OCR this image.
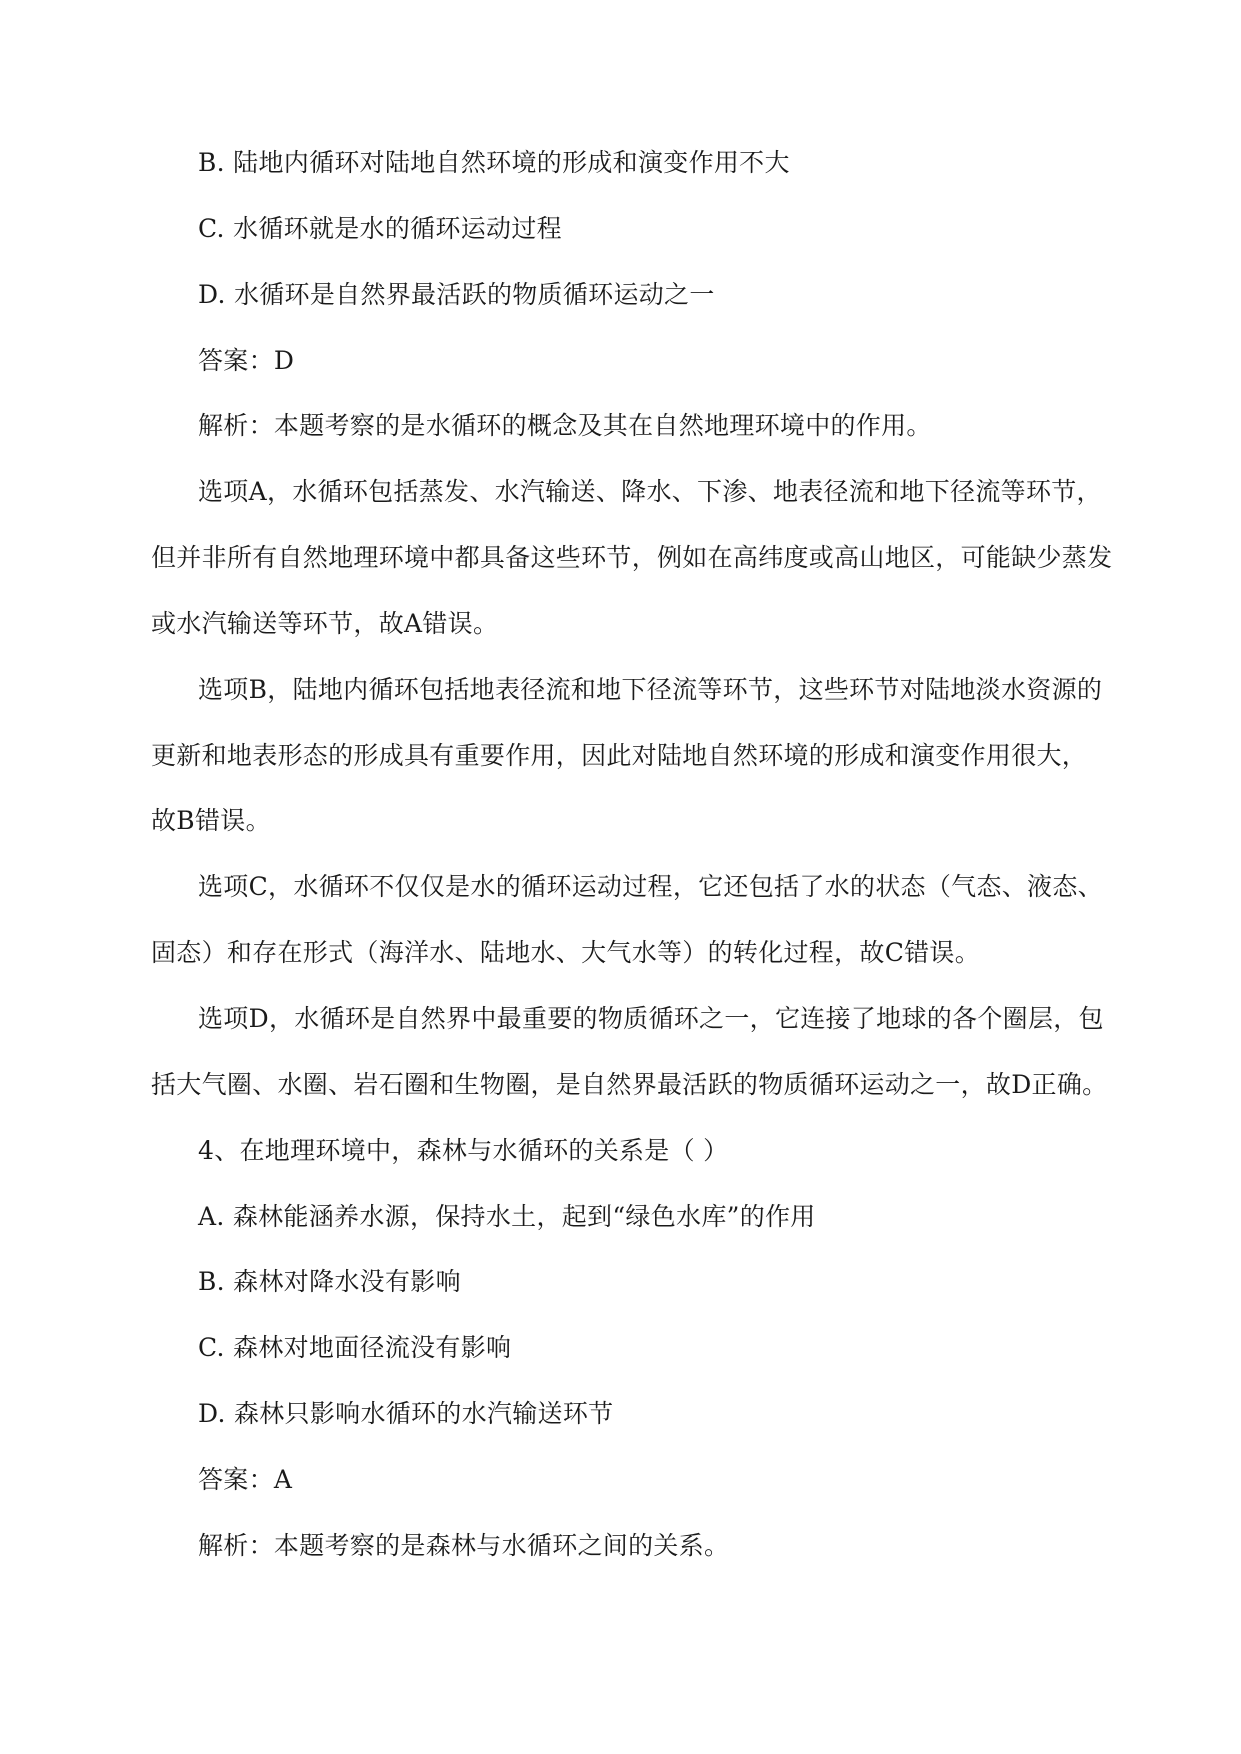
B. 陆地内循环对陆地自然环境的形成和演变作用不大
C. 水循环就是水的循环运动过程
D. 水循环是自然界最活跃的物质循环运动之一
答案：D
解析：本题考察的是水循环的概念及其在自然地理环境中的作用。
选项A，水循环包括蒸发、水汽输送、降水、下渗、地表径流和地下径流等环节，
但并非所有自然地理环境中都具备这些环节，例如在高纬度或高山地区，可能缺少蒸发
或水汽输送等环节，故A错误。
选项B，陆地内循环包括地表径流和地下径流等环节，这些环节对陆地淡水资源的
更新和地表形态的形成具有重要作用，因此对陆地自然环境的形成和演变作用很大，
故B错误。
选项C，水循环不仅仅是水的循环运动过程，它还包括了水的状态（气态、液态、
固态）和存在形式（海洋水、陆地水、大气水等）的转化过程，故C错误。
选项D，水循环是自然界中最重要的物质循环之一，它连接了地球的各个圈层，包
括大气圈、水圈、岩石圈和生物圈，是自然界最活跃的物质循环运动之一，故D正确。
4、在地理环境中，森林与水循环的关系是（ ）
A. 森林能涵养水源，保持水土，起到“绿色水库”的作用
B. 森林对降水没有影响
C. 森林对地面径流没有影响
D. 森林只影响水循环的水汽输送环节
答案：A
解析：本题考察的是森林与水循环之间的关系。
